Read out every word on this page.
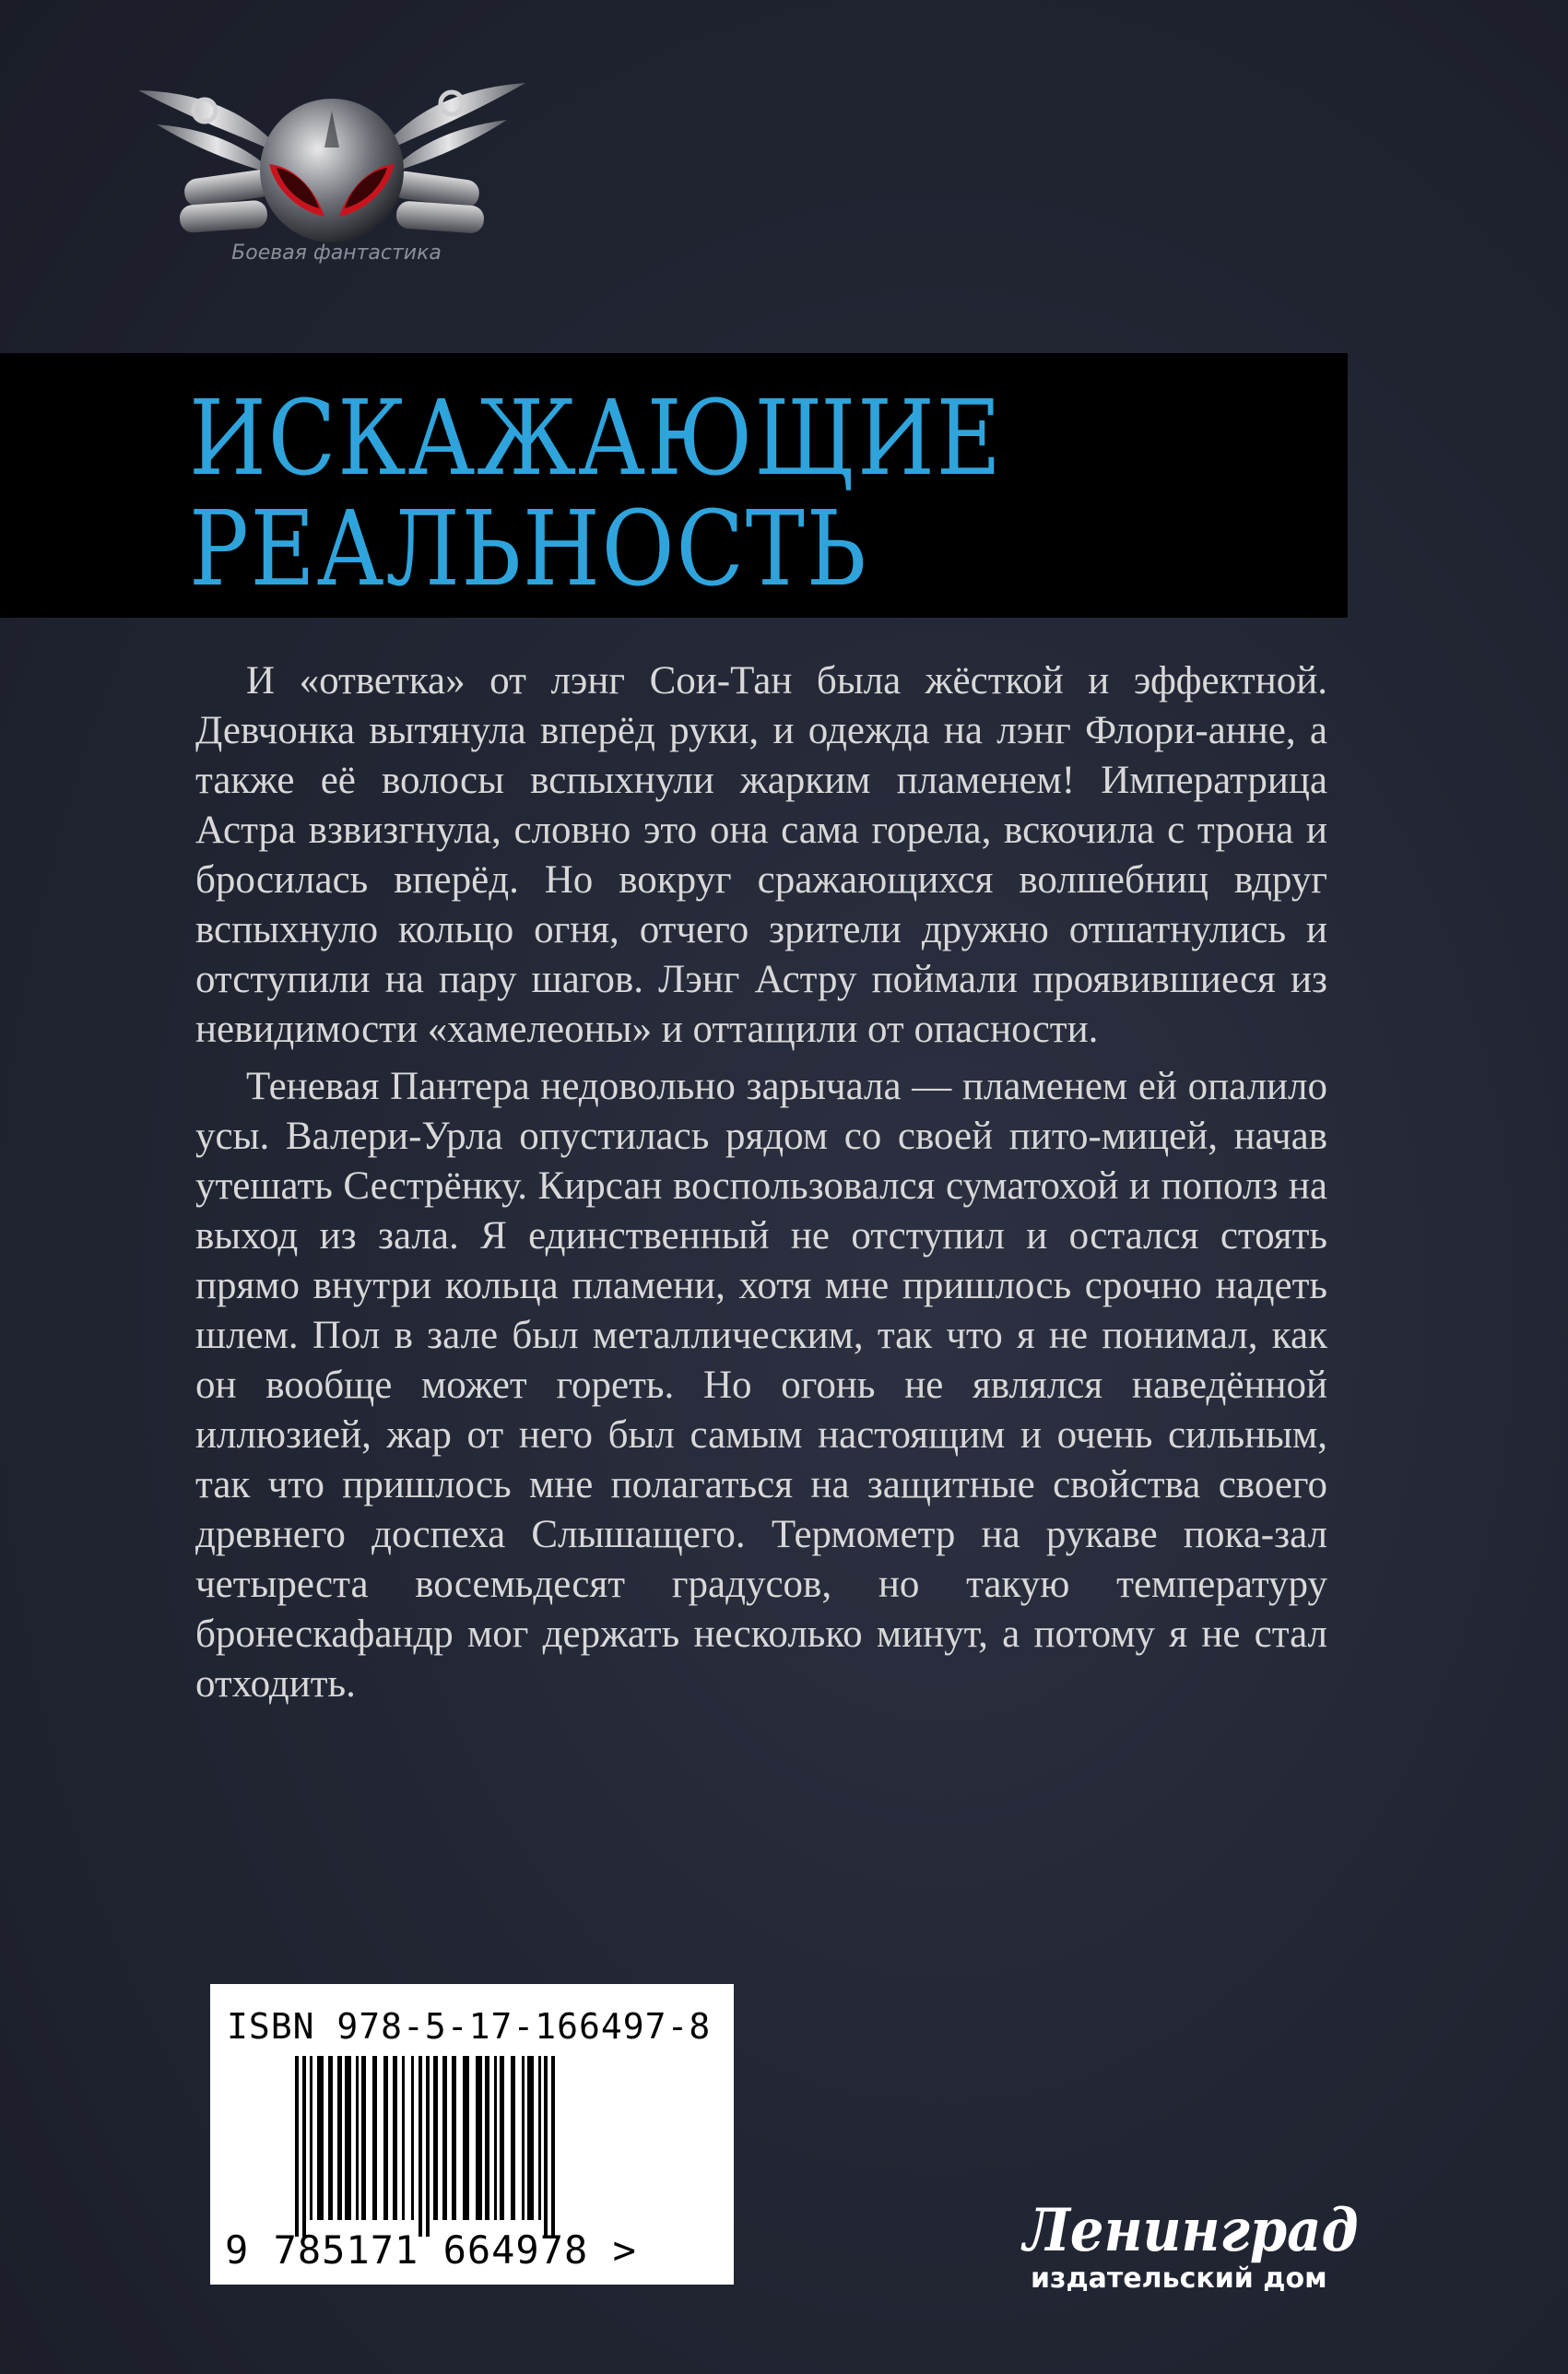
Боевая фантастика
ИСКАЖАЮЩИЕ
РЕАЛЬНОСТЬ

И «ответка» от лэнг Сои-Тан была жёсткой и эффектной. Девчонка вытянула вперёд руки, и одежда на лэнг Флори-анне, а также её волосы вспыхнули жарким пламенем! Императрица Астра взвизгнула, словно это она сама горела, вскочила с трона и бросилась вперёд. Но вокруг сражающихся волшебниц вдруг вспыхнуло кольцо огня, отчего зрители дружно отшатнулись и отступили на пару шагов. Лэнг Астру поймали проявившиеся из невидимости «хамелеоны» и оттащили от опасности.

Теневая Пантера недовольно зарычала — пламенем ей опалило усы. Валери-Урла опустилась рядом со своей пито-мицей, начав утешать Сестрёнку. Кирсан воспользовался суматохой и пополз на выход из зала. Я единственный не отступил и остался стоять прямо внутри кольца пламени, хотя мне пришлось срочно надеть шлем. Пол в зале был металлическим, так что я не понимал, как он вообще может гореть. Но огонь не являлся наведённой иллюзией, жар от него был самым настоящим и очень сильным, так что пришлось мне полагаться на защитные свойства своего древнего доспеха Слышащего. Термометр на рукаве пока-зал четыреста восемьдесят градусов, но такую температуру бронескафандр мог держать несколько минут, а потому я не стал отходить.

ISBN 978-5-17-166497-8
9 785171 664978 >	Ленинград
издательский дом
